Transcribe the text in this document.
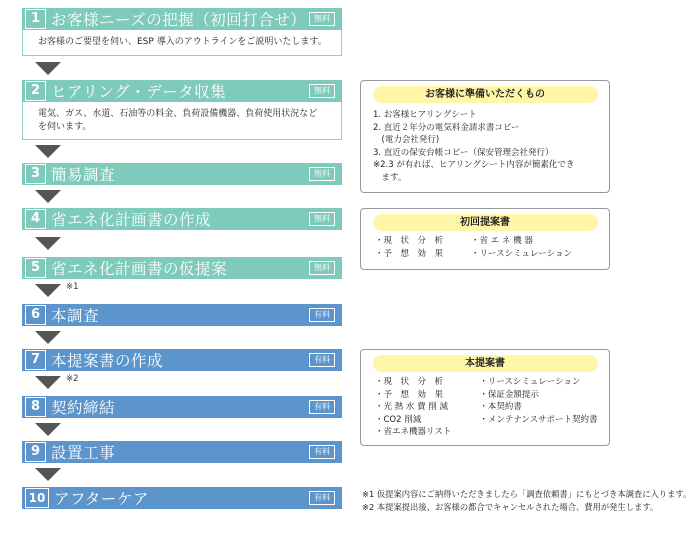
1 お客様ニーズの把握（初回打合せ） 無料
お客様のご要望を伺い、ESP 導入のアウトラインをご説明いたします。
2 ヒアリング・データ収集	無料
電気、ガス、水道、石油等の料金、負荷設備機器、負荷使用状況など
を伺います。
3 簡易調査	無料
4 省エネ化計画書の作成	無料
5 省エネ化計画書の仮提案	無料
※1
6 本調査	有料
7 本提案書の作成	有料
※2
8 契約締結	有料
9 設置工事	有料
10 アフターケア	有料
お客様に準備いただくもの
1. お客様ヒアリングシート
2. 直近２年分の電気料金請求書コピー
　(電力会社発行)
3. 直近の保安台帳コピー（保安管理会社発行）
※2.3 が有れば、ヒアリングシート内容が簡素化でき
　ます。
初回提案書
・現　状　分　析
・予　想　効　果
・省 エ ネ 機 器
・リースシミュレーション
本提案書
・現　状　分　析
・予　想　効　果
・光 熱 水 費 削 減
・CO2 削減
・省エネ機器リスト
・リースシミュレーション
・保証金額提示
・本契約書
・メンテナンスサポート契約書
※1 仮提案内容にご納得いただきましたら「調査依頼書」にもとづき本調査に入ります。
※2 本提案提出後、お客様の都合でキャンセルされた場合、費用が発生します。
